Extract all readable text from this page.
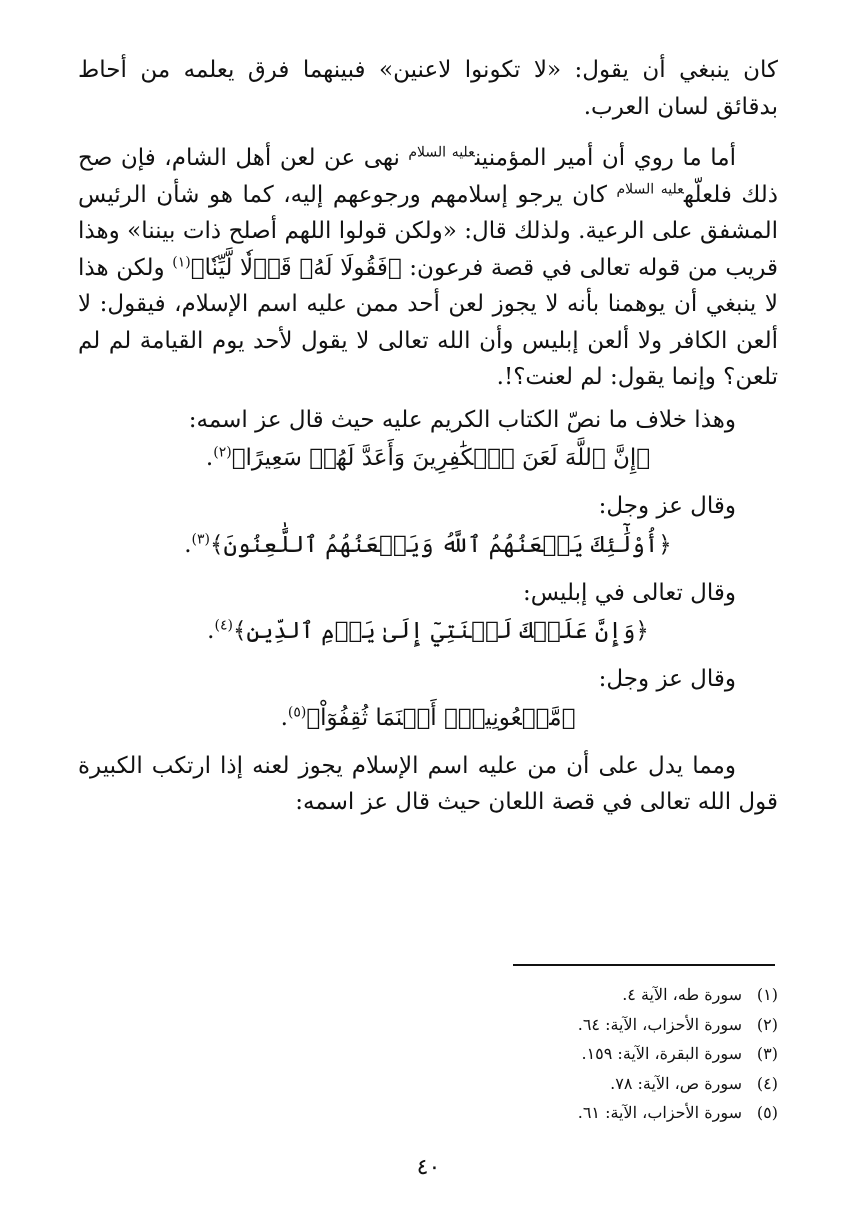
كان ينبغي أن يقول: «لا تكونوا لاعنين» فبينهما فرق يعلمه من أحاط بدقائق لسان العرب.

أما ما روي أن أمير المؤمنين$^{عليه السلام}$ نهى عن لعن أهل الشام، فإن صح ذلك فلعلّه$^{عليه السلام}$ كان يرجو إسلامهم ورجوعهم إليه، كما هو شأن الرئيس المشفق على الرعية. ولذلك قال: «ولكن قولوا اللهم أصلح ذات بيننا» وهذا قريب من قوله تعالى في قصة فرعون: ﴿فَقُولَا لَهُۥ قَوۡلٗا لَّيِّنٗا﴾$^{(١)}$ ولكن هذا لا ينبغي أن يوهمنا بأنه لا يجوز لعن أحد ممن عليه اسم الإسلام، فيقول: لا ألعن الكافر ولا ألعن إبليس وأن الله تعالى لا يقول لأحد يوم القيامة لم لم تلعن؟ وإنما يقول: لم لعنت؟!.

وهذا خلاف ما نصّ الكتاب الكريم عليه حيث قال عز اسمه:

﴿إِنَّ ٱللَّهَ لَعَنَ ٱلۡكَٰفِرِينَ وَأَعَدَّ لَهُمۡ سَعِيرًا﴾$^{(٢)}$.

وقال عز وجل:

﴿أُوْلَٰٓئِكَ يَلۡعَنُهُمُ ٱللَّهُ وَيَلۡعَنُهُمُ ٱللَّٰعِنُونَ﴾$^{(٣)}$.

وقال تعالى في إبليس:

﴿وَإِنَّ عَلَيۡكَ لَعۡنَتِيٓ إِلَىٰ يَوۡمِ ٱلدِّينِ﴾$^{(٤)}$.

وقال عز وجل:

﴿مَّلۡعُونِينَۖ أَيۡنَمَا ثُقِفُوٓاْ﴾$^{(٥)}$.

ومما يدل على أن من عليه اسم الإسلام يجوز لعنه إذا ارتكب الكبيرة قول الله تعالى في قصة اللعان حيث قال عز اسمه:

(١)سورة طه، الآية ٤.
(٢)سورة الأحزاب، الآية: ٦٤.
(٣)سورة البقرة، الآية: ١٥٩.
(٤)سورة ص، الآية: ٧٨.
(٥)سورة الأحزاب، الآية: ٦١.
٤٠
